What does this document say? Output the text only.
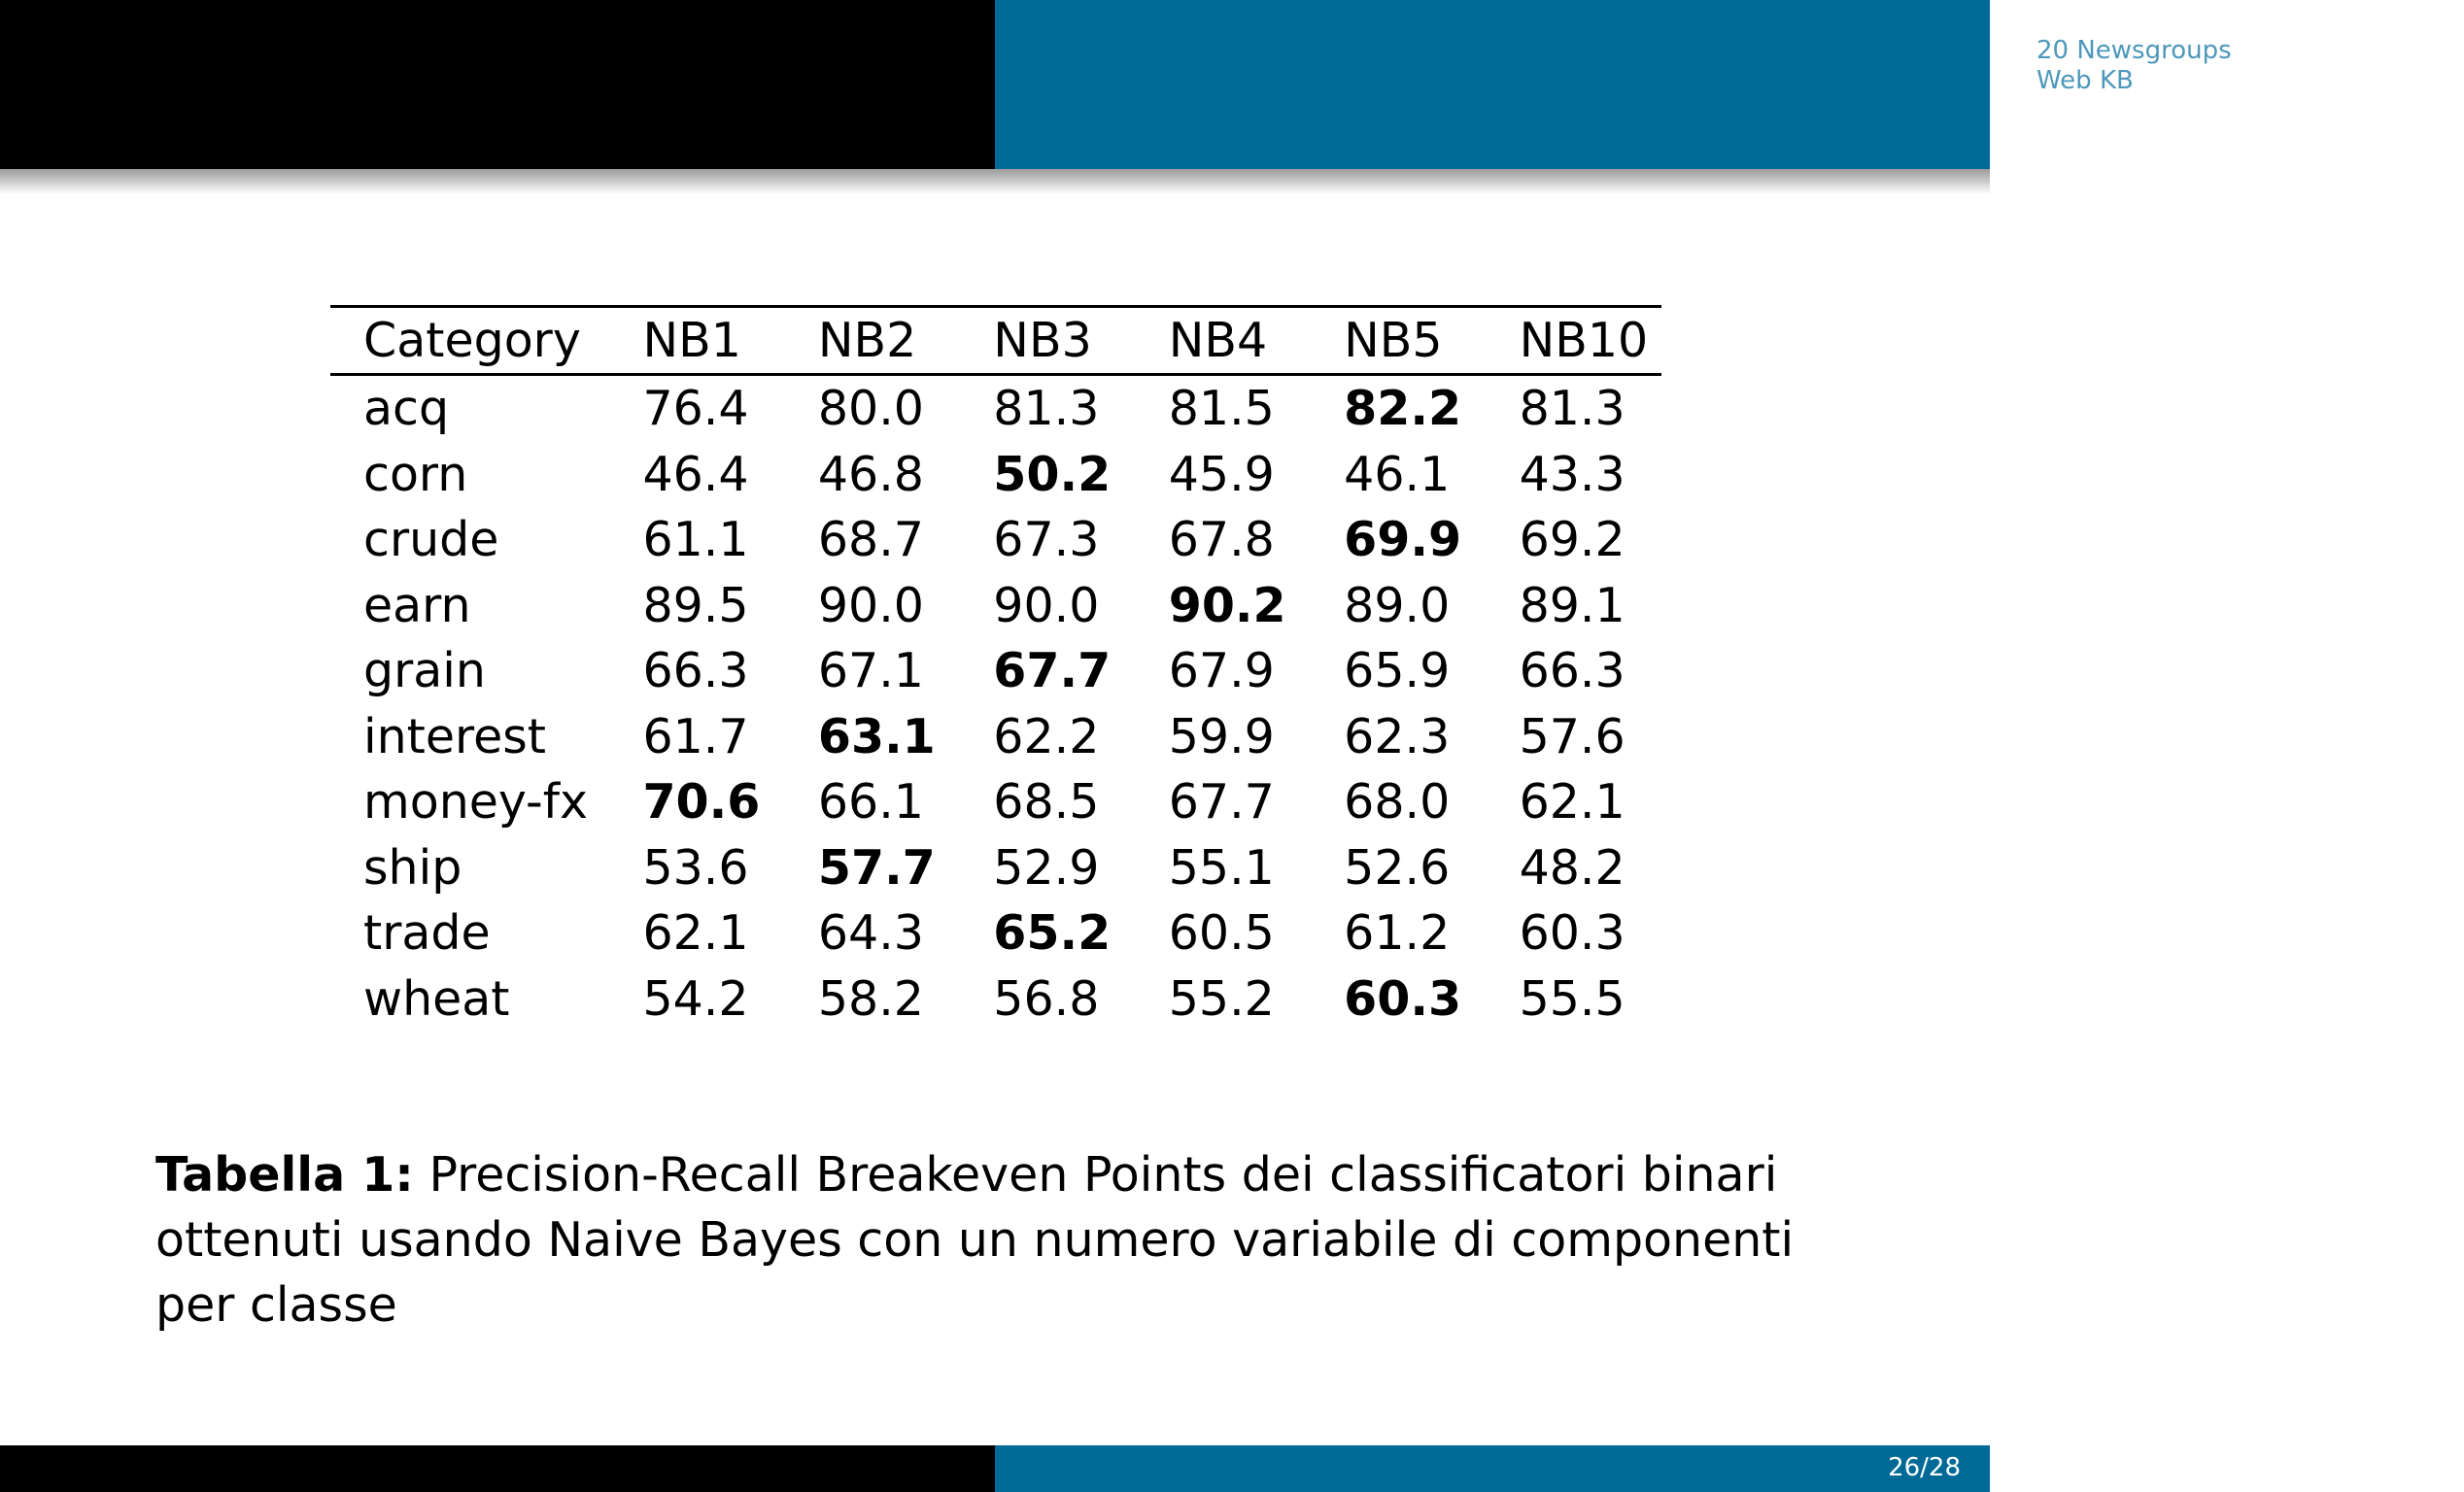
20 Newsgroups
Web KB
Reuters
Category	NB1	NB2	NB3	NB4	NB5	NB10
acq	76.4	80.0	81.3	81.5	82.2	81.3
corn	46.4	46.8	50.2	45.9	46.1	43.3
crude	61.1	68.7	67.3	67.8	69.9	69.2
earn	89.5	90.0	90.0	90.2	89.0	89.1
grain	66.3	67.1	67.7	67.9	65.9	66.3
interest	61.7	63.1	62.2	59.9	62.3	57.6
money-fx	70.6	66.1	68.5	67.7	68.0	62.1
ship	53.6	57.7	52.9	55.1	52.6	48.2
trade	62.1	64.3	65.2	60.5	61.2	60.3
wheat	54.2	58.2	56.8	55.2	60.3	55.5
Tabella 1: Precision-Recall Breakeven Points dei classificatori binari ottenuti usando Naive Bayes con un numero variabile di componenti per classe
EM per la classificazione del testo
26/28
